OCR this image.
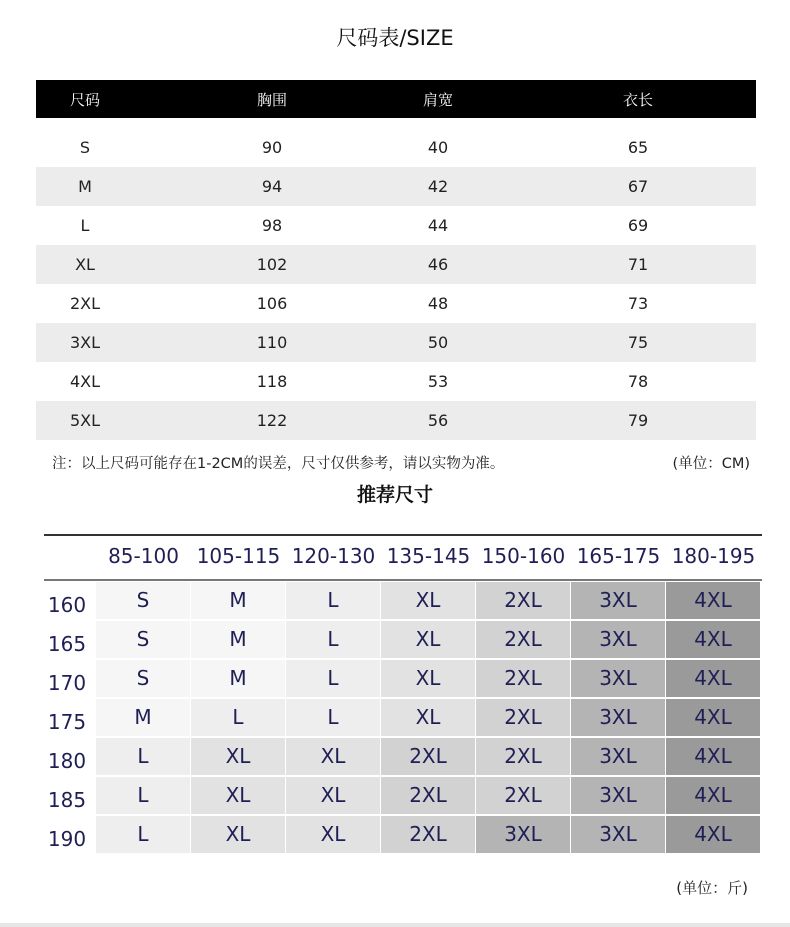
尺码表/SIZE
尺码	胸围	肩宽	衣长
S	90	40	65
M	94	42	67
L	98	44	69
XL	102	46	71
2XL	106	48	73
3XL	110	50	75
4XL	118	53	78
5XL	122	56	79
注：以上尺码可能存在1-2CM的误差，尺寸仅供参考，请以实物为准。	(单位：CM)
推荐尺寸
85-100 105-115 120-130 135-145 150-160 165-175 180-195
160	S	M	L	XL	2XL	3XL	4XL
165	S	M	L	XL	2XL	3XL	4XL
170	S	M	L	XL	2XL	3XL	4XL
175	M	L	L	XL	2XL	3XL	4XL
180	L	XL	XL	2XL	2XL	3XL	4XL
185	L	XL	XL	2XL	2XL	3XL	4XL
190	L	XL	XL	2XL	3XL	3XL	4XL
(单位：斤)
